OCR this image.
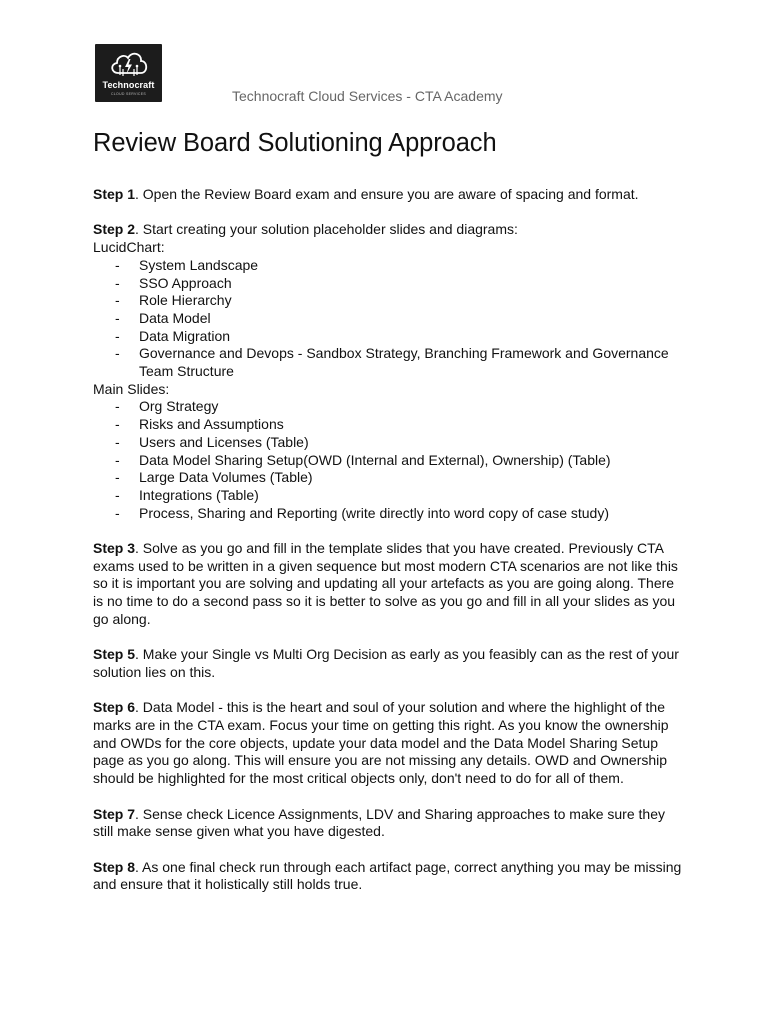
Technocraft
CLOUD SERVICES	Technocraft Cloud Services - CTA Academy
Review Board Solutioning Approach

Step 1. Open the Review Board exam and ensure you are aware of spacing and format.

Step 2. Start creating your solution placeholder slides and diagrams:

LucidChart:

- System Landscape
- SSO Approach
- Role Hierarchy
- Data Model
- Data Migration
- Governance and Devops - Sandbox Strategy, Branching Framework and Governance Team Structure

Main Slides:

- Org Strategy
- Risks and Assumptions
- Users and Licenses (Table)
- Data Model Sharing Setup(OWD (Internal and External), Ownership) (Table)
- Large Data Volumes (Table)
- Integrations (Table)
- Process, Sharing and Reporting (write directly into word copy of case study)

Step 3. Solve as you go and fill in the template slides that you have created. Previously CTA exams used to be written in a given sequence but most modern CTA scenarios are not like this so it is important you are solving and updating all your artefacts as you are going along. There is no time to do a second pass so it is better to solve as you go and fill in all your slides as you go along.

Step 5. Make your Single vs Multi Org Decision as early as you feasibly can as the rest of your solution lies on this.

Step 6. Data Model - this is the heart and soul of your solution and where the highlight of the marks are in the CTA exam. Focus your time on getting this right. As you know the ownership and OWDs for the core objects, update your data model and the Data Model Sharing Setup page as you go along. This will ensure you are not missing any details. OWD and Ownership should be highlighted for the most critical objects only, don't need to do for all of them.

Step 7. Sense check Licence Assignments, LDV and Sharing approaches to make sure they still make sense given what you have digested.

Step 8. As one final check run through each artifact page, correct anything you may be missing and ensure that it holistically still holds true.
